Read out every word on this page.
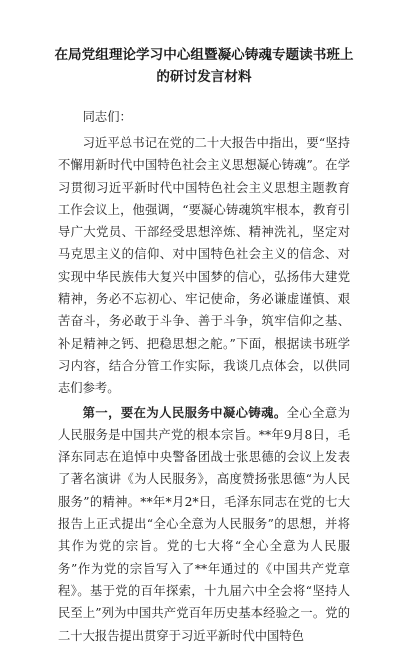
在局党组理论学习中心组暨凝心铸魂专题读书班上的研讨发言材料
同志们：

习近平总书记在党的二十大报告中指出，要“坚持不懈用新时代中国特色社会主义思想凝心铸魂”。在学习贯彻习近平新时代中国特色社会主义思想主题教育工作会议上，他强调，“要凝心铸魂筑牢根本，教育引导广大党员、干部经受思想淬炼、精神洗礼，坚定对马克思主义的信仰、对中国特色社会主义的信念、对实现中华民族伟大复兴中国梦的信心，弘扬伟大建党精神，务必不忘初心、牢记使命，务必谦虚谨慎、艰苦奋斗，务必敢于斗争、善于斗争，筑牢信仰之基、补足精神之钙、把稳思想之舵。”下面，根据读书班学习内容，结合分管工作实际，我谈几点体会，以供同志们参考。

第一，要在为人民服务中凝心铸魂。全心全意为人民服务是中国共产党的根本宗旨。**年9月8日，毛泽东同志在追悼中央警备团战士张思德的会议上发表了著名演讲《为人民服务》，高度赞扬张思德“为人民服务”的精神。**年*月2*日，毛泽东同志在党的七大报告上正式提出“全心全意为人民服务”的思想，并将其作为党的宗旨。党的七大将“全心全意为人民服务”作为党的宗旨写入了**年通过的《中国共产党章程》。基于党的百年探索，十九届六中全会将“坚持人民至上”列为中国共产党百年历史基本经验之一。党的二十大报告提出贯穿于习近平新时代中国特色
